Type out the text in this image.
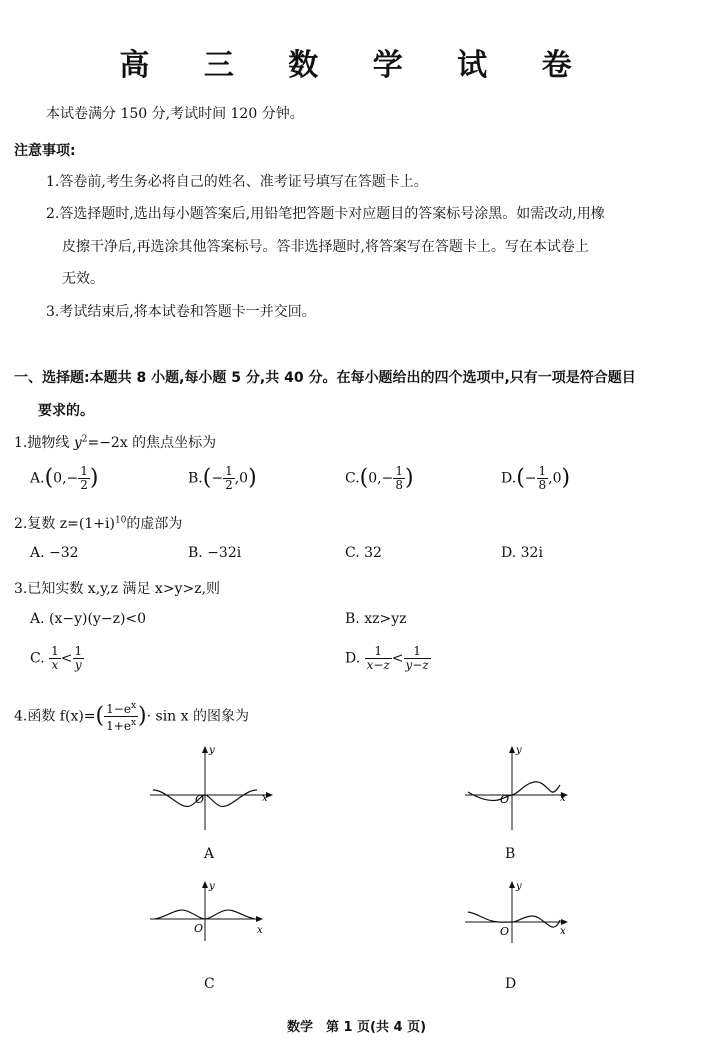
高 三 数 学 试 卷
本试卷满分 150 分,考试时间 120 分钟。
注意事项:
1.答卷前,考生务必将自己的姓名、准考证号填写在答题卡上。
2.答选择题时,选出每小题答案后,用铅笔把答题卡对应题目的答案标号涂黑。如需改动,用橡
皮擦干净后,再选涂其他答案标号。答非选择题时,将答案写在答题卡上。写在本试卷上
无效。
3.考试结束后,将本试卷和答题卡一并交回。
一、选择题:本题共 8 小题,每小题 5 分,共 40 分。在每小题给出的四个选项中,只有一项是符合题目
要求的。
1.抛物线 $y^2=-2x$ 的焦点坐标为
$A.(0,- \frac{1}{2}$ )	$B.(- \frac{1}{2} ,0)$	$C.(0,- \frac{1}{8}$ )	$D.(- \frac{1}{8} ,0)$
2.复数 $z=(1+i)^{10}$的虚部为
A. −32	B. −32i	C. 32	D. 32i
3.已知实数 x,y,z 满足 x>y>z,则
A. (x−y)(y−z)<0	B. xz>yz
C. $\frac{1}{x} < \frac{1}{y}$	D. $\frac{1}{x-z} < \frac{1}{y-z}$
4.函数 $f(x)=( \frac{1-e^x}{1+e^x}$ )· sin x 的图象为
y
x
O
A
y
x
O
B
y
x
O
C
y
x
O
D
数学　第 1 页(共 4 页)
